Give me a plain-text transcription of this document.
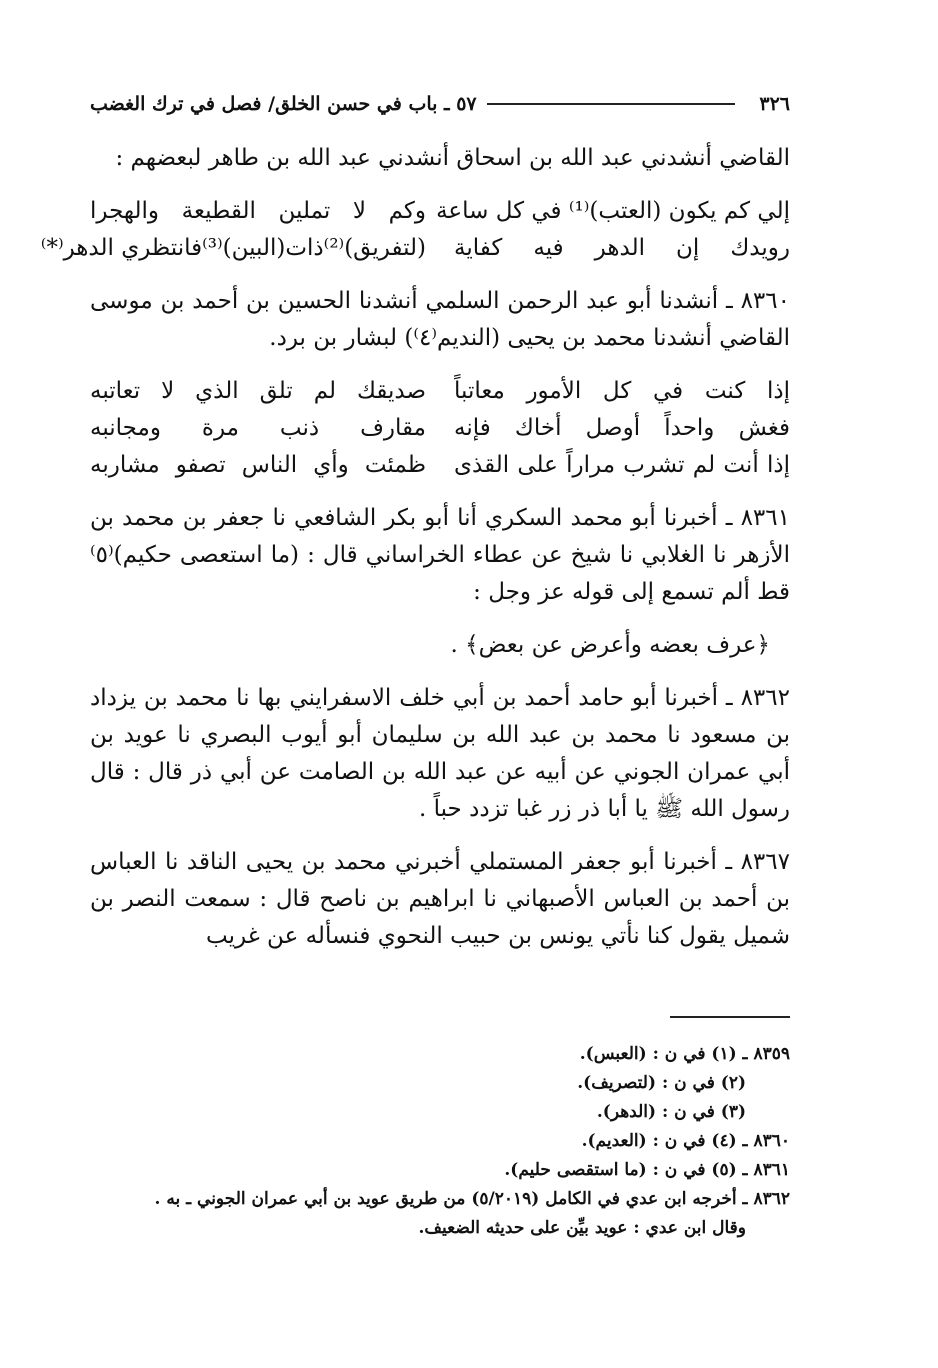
٣٢٦
٥٧ ـ باب في حسن الخلق/ فصل في ترك الغضب

القاضي أنشدني عبد الله بن اسحاق أنشدني عبد الله بن طاهر لبعضهم :

إلي كم يكون (العتب)⁽¹⁾ في كل ساعة
وكم لا تملين القطيعة والهجرا
رويدك إن الدهر فيه كفاية
(لتفريق)⁽²⁾ذات(البين)⁽³⁾فانتظري الدهر⁽*⁾

٨٣٦٠ ـ أنشدنا أبو عبد الرحمن السلمي أنشدنا الحسين بن أحمد بن موسى القاضي أنشدنا محمد بن يحيى (النديم⁽٤⁾) لبشار بن برد.

إذا كنت في كل الأمور معاتباً
صديقك لم تلق الذي لا تعاتبه
فغش واحداً أوصل أخاك فإنه
مقارف ذنب مرة ومجانبه
إذا أنت لم تشرب مراراً على القذى
ظمئت وأي الناس تصفو مشاربه

٨٣٦١ ـ أخبرنا أبو محمد السكري أنا أبو بكر الشافعي نا جعفر بن محمد بن الأزهر نا الغلابي نا شيخ عن عطاء الخراساني قال : (ما استعصى حكيم)⁽٥⁾ قط ألم تسمع إلى قوله عز وجل :

﴿عرف بعضه وأعرض عن بعض﴾ .

٨٣٦٢ ـ أخبرنا أبو حامد أحمد بن أبي خلف الاسفرايني بها نا محمد بن يزداد بن مسعود نا محمد بن عبد الله بن سليمان أبو أيوب البصري نا عويد بن أبي عمران الجوني عن أبيه عن عبد الله بن الصامت عن أبي ذر قال : قال رسول الله ﷺ يا أبا ذر زر غبا تزدد حباً .

٨٣٦٧ ـ أخبرنا أبو جعفر المستملي أخبرني محمد بن يحيى الناقد نا العباس بن أحمد بن العباس الأصبهاني نا ابراهيم بن ناصح قال : سمعت النصر بن شميل يقول كنا نأتي يونس بن حبيب النحوي فنسأله عن غريب

٨٣٥٩ ـ (١) في ن : (العبس).
(٢) في ن : (لتصريف).
(٣) في ن : (الدهر).
٨٣٦٠ ـ (٤) في ن : (العديم).
٨٣٦١ ـ (٥) في ن : (ما استقصى حليم).
٨٣٦٢ ـ أخرجه ابن عدي في الكامل (٥/٢٠١٩) من طريق عويد بن أبي عمران الجوني ـ به .
وقال ابن عدي : عويد بيِّن على حديثه الضعيف.
